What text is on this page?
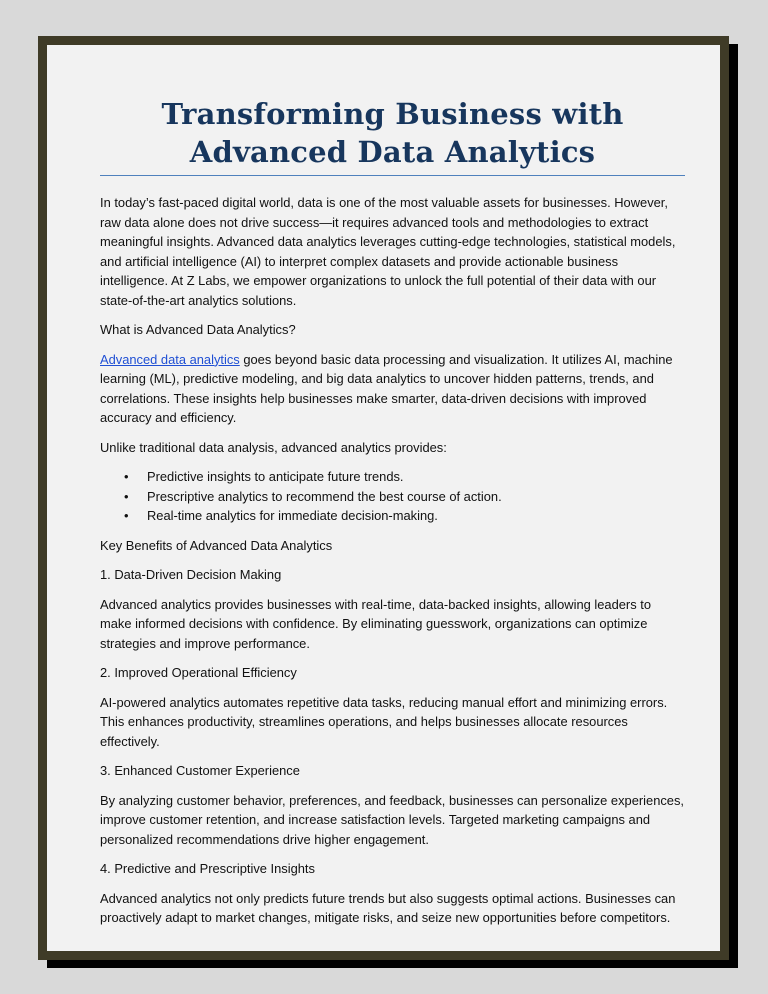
Transforming Business with Advanced Data Analytics

In today’s fast-paced digital world, data is one of the most valuable assets for businesses. However, raw data alone does not drive success—it requires advanced tools and methodologies to extract meaningful insights. Advanced data analytics leverages cutting-edge technologies, statistical models, and artificial intelligence (AI) to interpret complex datasets and provide actionable business intelligence. At Z Labs, we empower organizations to unlock the full potential of their data with our state-of-the-art analytics solutions.

What is Advanced Data Analytics?

Advanced data analytics goes beyond basic data processing and visualization. It utilizes AI, machine learning (ML), predictive modeling, and big data analytics to uncover hidden patterns, trends, and correlations. These insights help businesses make smarter, data-driven decisions with improved accuracy and efficiency.

Unlike traditional data analysis, advanced analytics provides:

• Predictive insights to anticipate future trends.
• Prescriptive analytics to recommend the best course of action.
• Real-time analytics for immediate decision-making.

Key Benefits of Advanced Data Analytics

1. Data-Driven Decision Making

Advanced analytics provides businesses with real-time, data-backed insights, allowing leaders to make informed decisions with confidence. By eliminating guesswork, organizations can optimize strategies and improve performance.

2. Improved Operational Efficiency

AI-powered analytics automates repetitive data tasks, reducing manual effort and minimizing errors. This enhances productivity, streamlines operations, and helps businesses allocate resources effectively.

3. Enhanced Customer Experience

By analyzing customer behavior, preferences, and feedback, businesses can personalize experiences, improve customer retention, and increase satisfaction levels. Targeted marketing campaigns and personalized recommendations drive higher engagement.

4. Predictive and Prescriptive Insights

Advanced analytics not only predicts future trends but also suggests optimal actions. Businesses can proactively adapt to market changes, mitigate risks, and seize new opportunities before competitors.
